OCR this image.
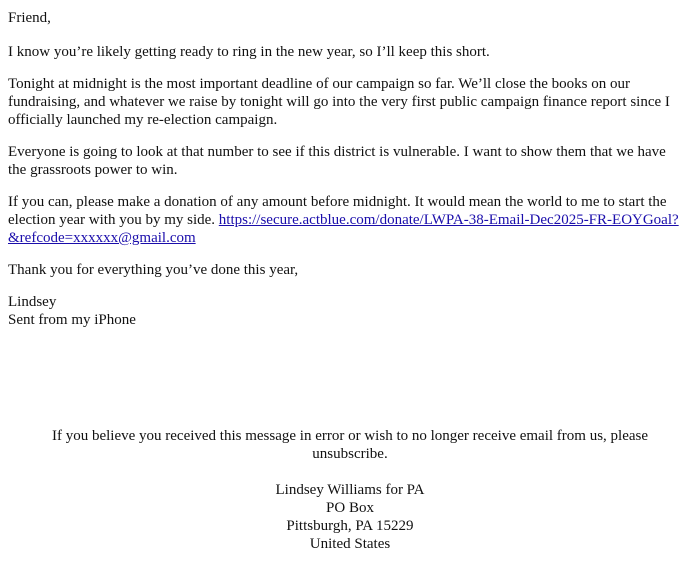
Friend,

I know you’re likely getting ready to ring in the new year, so I’ll keep this short.

Tonight at midnight is the most important deadline of our campaign so far. We’ll close the books on our fundraising, and whatever we raise by tonight will go into the very first public campaign finance report since I officially launched my re-election campaign.

Everyone is going to look at that number to see if this district is vulnerable. I want to show them that we have the grassroots power to win.

If you can, please make a donation of any amount before midnight. It would mean the world to me to start the election year with you by my side. https://secure.actblue.com/donate/LWPA-38-Email-Dec2025-FR-EOYGoal?&refcode=xxxxxx@gmail.com

Thank you for everything you’ve done this year,

Lindsey
Sent from my iPhone

If you believe you received this message in error or wish to no longer receive email from us, please unsubscribe.

Lindsey Williams for PA
PO Box
Pittsburgh, PA 15229
United States
